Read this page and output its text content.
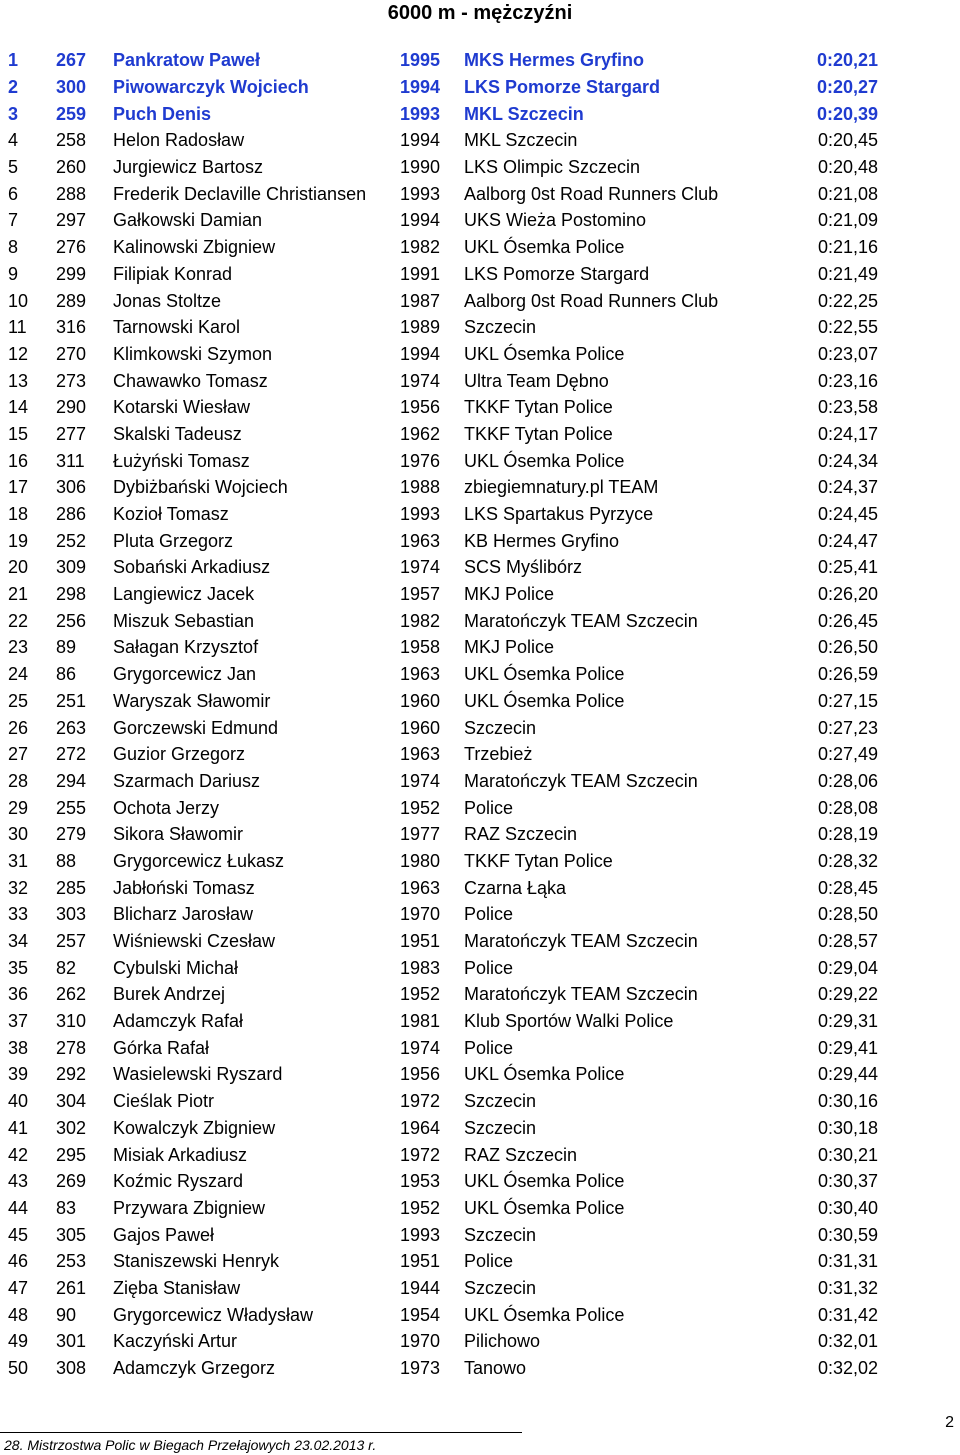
6000 m - mężczyźni
1	267	Pankratow Paweł	1995	MKS Hermes Gryfino	0:20,21
2	300	Piwowarczyk Wojciech	1994	LKS Pomorze Stargard	0:20,27
3	259	Puch Denis	1993	MKL Szczecin	0:20,39
4	258	Helon Radosław	1994	MKL Szczecin	0:20,45
5	260	Jurgiewicz Bartosz	1990	LKS Olimpic Szczecin	0:20,48
6	288	Frederik Declaville Christiansen	1993	Aalborg 0st Road Runners Club	0:21,08
7	297	Gałkowski Damian	1994	UKS Wieża Postomino	0:21,09
8	276	Kalinowski Zbigniew	1982	UKL Ósemka Police	0:21,16
9	299	Filipiak Konrad	1991	LKS Pomorze Stargard	0:21,49
10	289	Jonas Stoltze	1987	Aalborg 0st Road Runners Club	0:22,25
11	316	Tarnowski Karol	1989	Szczecin	0:22,55
12	270	Klimkowski Szymon	1994	UKL Ósemka Police	0:23,07
13	273	Chawawko Tomasz	1974	Ultra Team Dębno	0:23,16
14	290	Kotarski Wiesław	1956	TKKF Tytan Police	0:23,58
15	277	Skalski Tadeusz	1962	TKKF Tytan Police	0:24,17
16	311	Łużyński Tomasz	1976	UKL Ósemka Police	0:24,34
17	306	Dybiżbański Wojciech	1988	zbiegiemnatury.pl TEAM	0:24,37
18	286	Kozioł Tomasz	1993	LKS Spartakus Pyrzyce	0:24,45
19	252	Pluta Grzegorz	1963	KB Hermes Gryfino	0:24,47
20	309	Sobański Arkadiusz	1974	SCS Myślibórz	0:25,41
21	298	Langiewicz Jacek	1957	MKJ Police	0:26,20
22	256	Miszuk Sebastian	1982	Maratończyk TEAM Szczecin	0:26,45
23	89	Sałagan Krzysztof	1958	MKJ Police	0:26,50
24	86	Grygorcewicz Jan	1963	UKL Ósemka Police	0:26,59
25	251	Waryszak Sławomir	1960	UKL Ósemka Police	0:27,15
26	263	Gorczewski Edmund	1960	Szczecin	0:27,23
27	272	Guzior Grzegorz	1963	Trzebież	0:27,49
28	294	Szarmach Dariusz	1974	Maratończyk TEAM Szczecin	0:28,06
29	255	Ochota Jerzy	1952	Police	0:28,08
30	279	Sikora Sławomir	1977	RAZ Szczecin	0:28,19
31	88	Grygorcewicz Łukasz	1980	TKKF Tytan Police	0:28,32
32	285	Jabłoński Tomasz	1963	Czarna Łąka	0:28,45
33	303	Blicharz Jarosław	1970	Police	0:28,50
34	257	Wiśniewski Czesław	1951	Maratończyk TEAM Szczecin	0:28,57
35	82	Cybulski Michał	1983	Police	0:29,04
36	262	Burek Andrzej	1952	Maratończyk TEAM Szczecin	0:29,22
37	310	Adamczyk Rafał	1981	Klub Sportów Walki Police	0:29,31
38	278	Górka Rafał	1974	Police	0:29,41
39	292	Wasielewski Ryszard	1956	UKL Ósemka Police	0:29,44
40	304	Cieślak Piotr	1972	Szczecin	0:30,16
41	302	Kowalczyk Zbigniew	1964	Szczecin	0:30,18
42	295	Misiak Arkadiusz	1972	RAZ Szczecin	0:30,21
43	269	Koźmic Ryszard	1953	UKL Ósemka Police	0:30,37
44	83	Przywara Zbigniew	1952	UKL Ósemka Police	0:30,40
45	305	Gajos Paweł	1993	Szczecin	0:30,59
46	253	Staniszewski Henryk	1951	Police	0:31,31
47	261	Zięba Stanisław	1944	Szczecin	0:31,32
48	90	Grygorcewicz Władysław	1954	UKL Ósemka Police	0:31,42
49	301	Kaczyński Artur	1970	Pilichowo	0:32,01
50	308	Adamczyk Grzegorz	1973	Tanowo	0:32,02
28. Mistrzostwa Polic w Biegach Przełajowych 23.02.2013 r.
2
